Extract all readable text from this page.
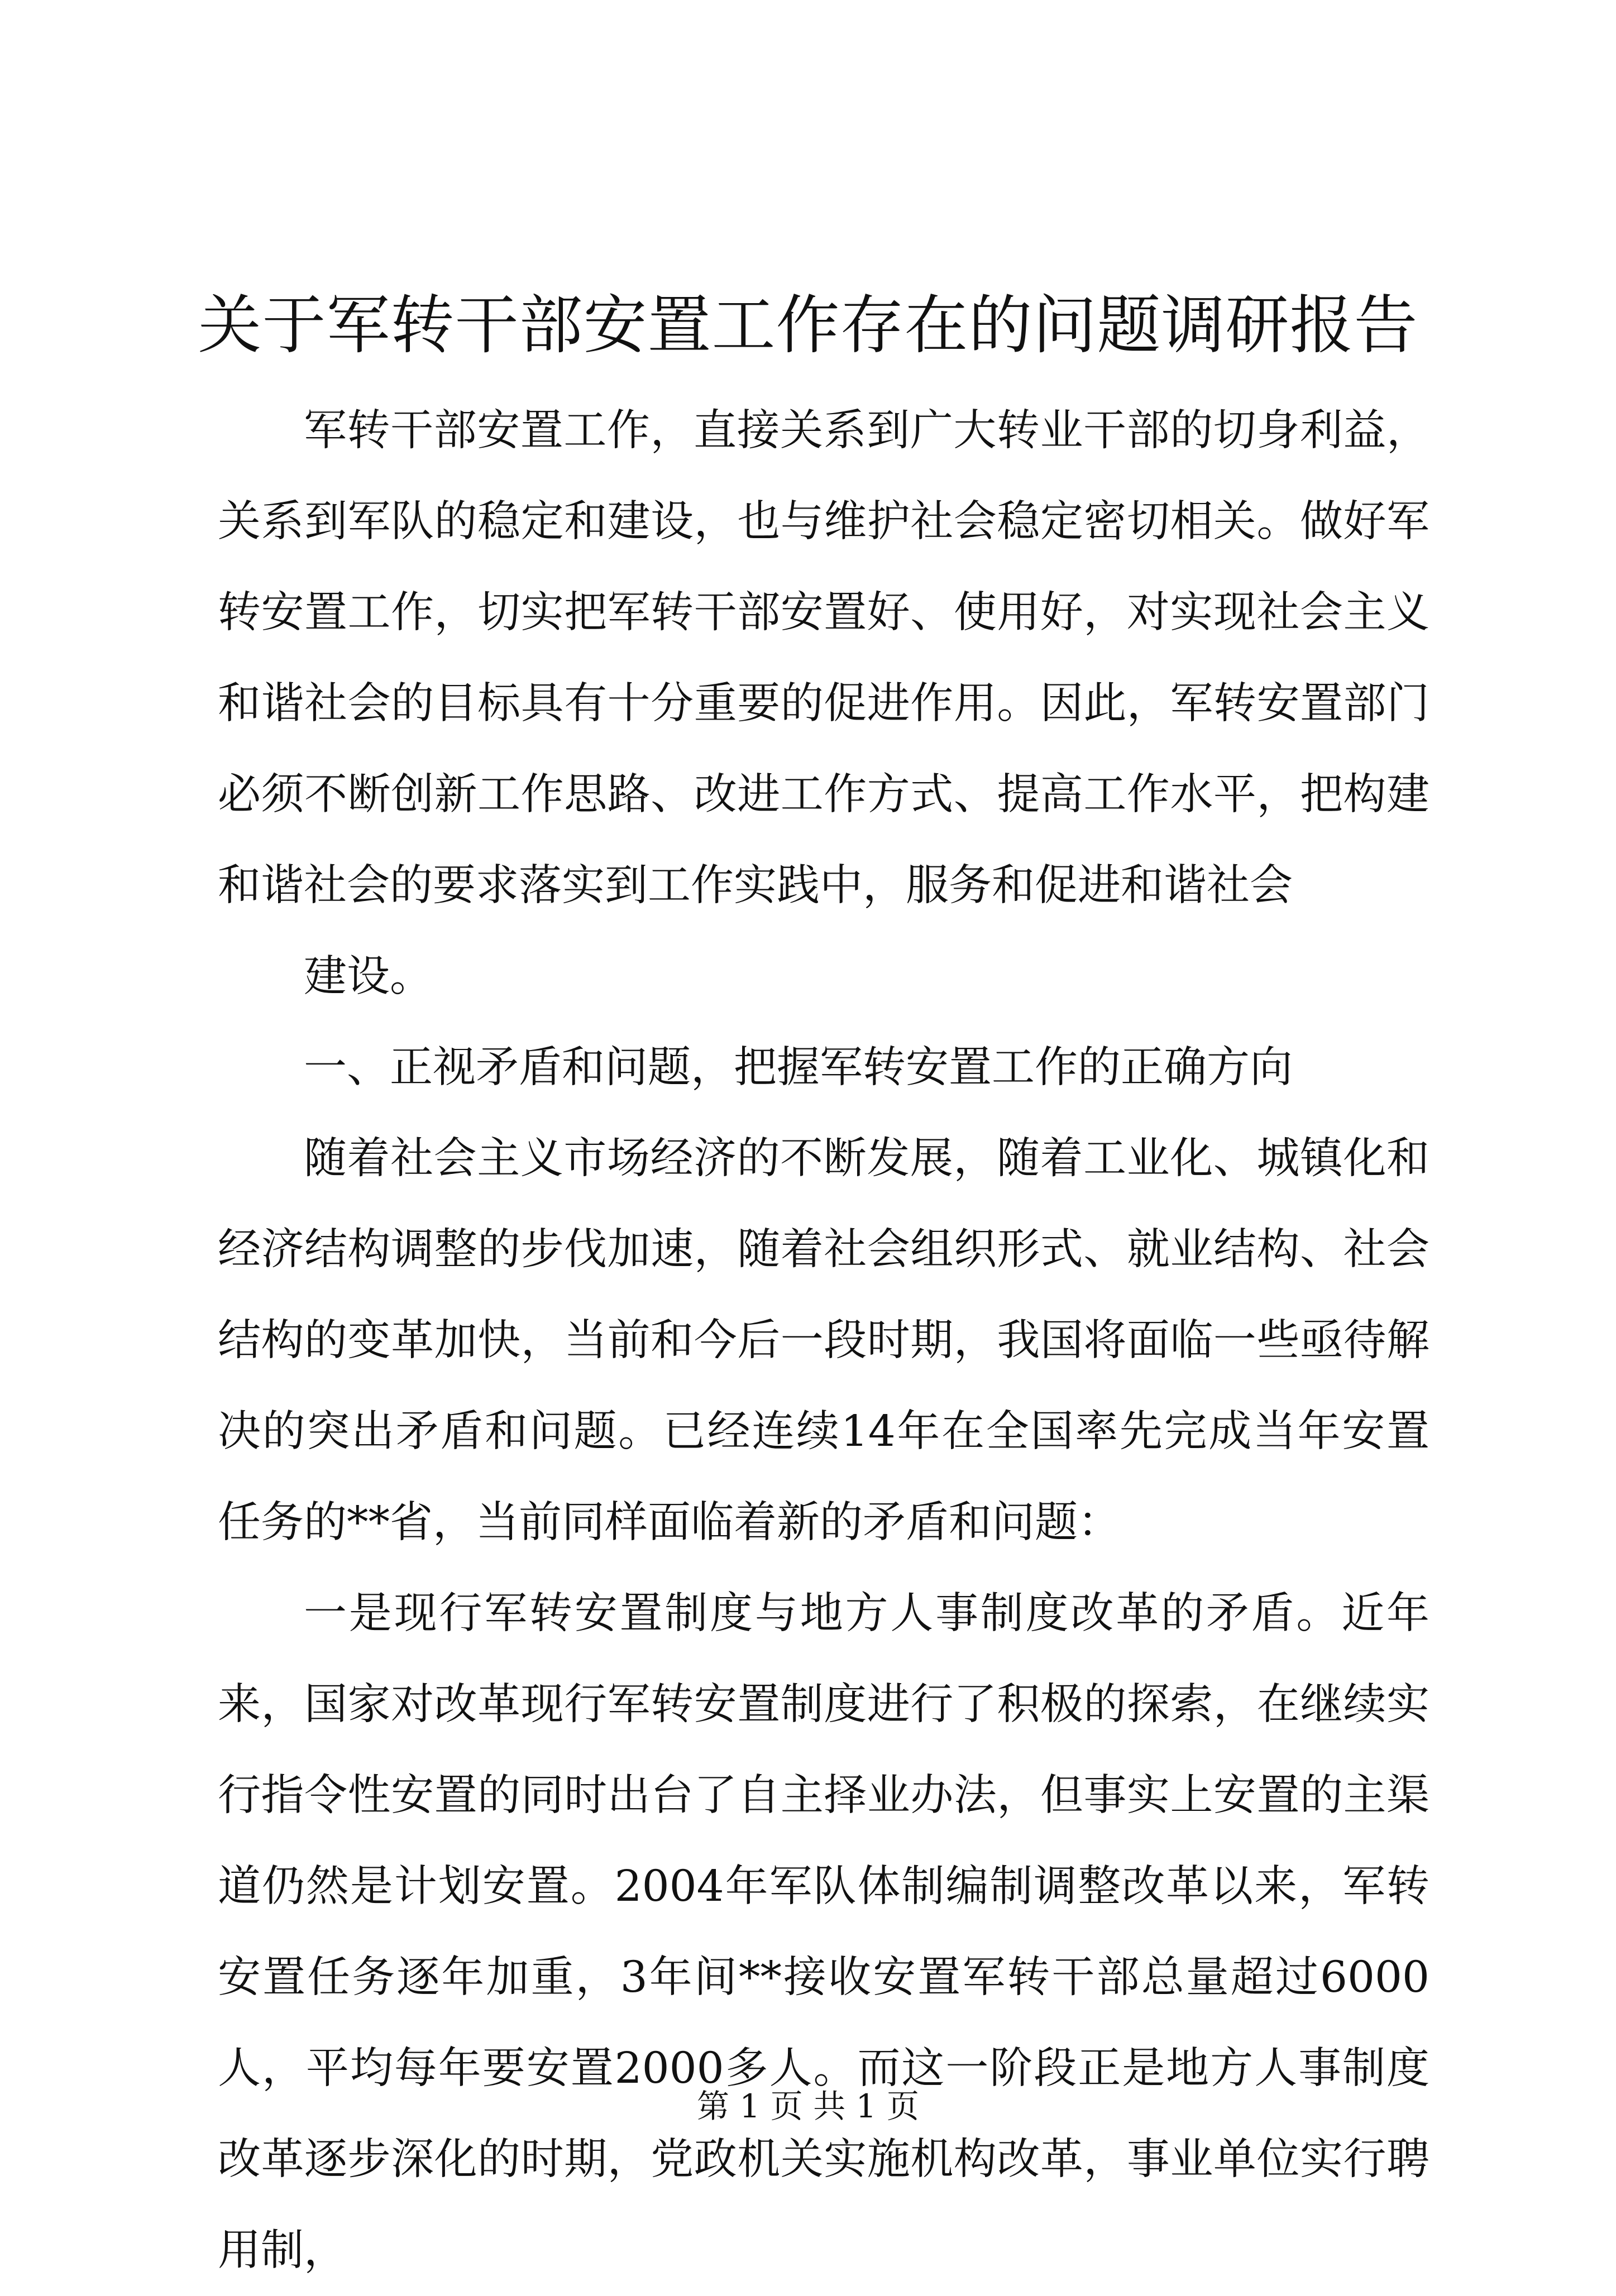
关于军转干部安置工作存在的问题调研报告

军转干部安置工作，直接关系到广大转业干部的切身利益，关系到军队的稳定和建设，也与维护社会稳定密切相关。做好军转安置工作，切实把军转干部安置好、使用好，对实现社会主义和谐社会的目标具有十分重要的促进作用。因此，军转安置部门必须不断创新工作思路、改进工作方式、提高工作水平，把构建和谐社会的要求落实到工作实践中，服务和促进和谐社会

建设。

一、正视矛盾和问题，把握军转安置工作的正确方向

随着社会主义市场经济的不断发展，随着工业化、城镇化和经济结构调整的步伐加速，随着社会组织形式、就业结构、社会结构的变革加快，当前和今后一段时期，我国将面临一些亟待解决的突出矛盾和问题。已经连续14年在全国率先完成当年安置任务的**省，当前同样面临着新的矛盾和问题：

一是现行军转安置制度与地方人事制度改革的矛盾。近年来，国家对改革现行军转安置制度进行了积极的探索，在继续实行指令性安置的同时出台了自主择业办法，但事实上安置的主渠道仍然是计划安置。2004年军队体制编制调整改革以来，军转安置任务逐年加重，3年间**接收安置军转干部总量超过6000人，平均每年要安置2000多人。而这一阶段正是地方人事制度改革逐步深化的时期，党政机关实施机构改革，事业单位实行聘用制，

第 1 页 共 1 页
